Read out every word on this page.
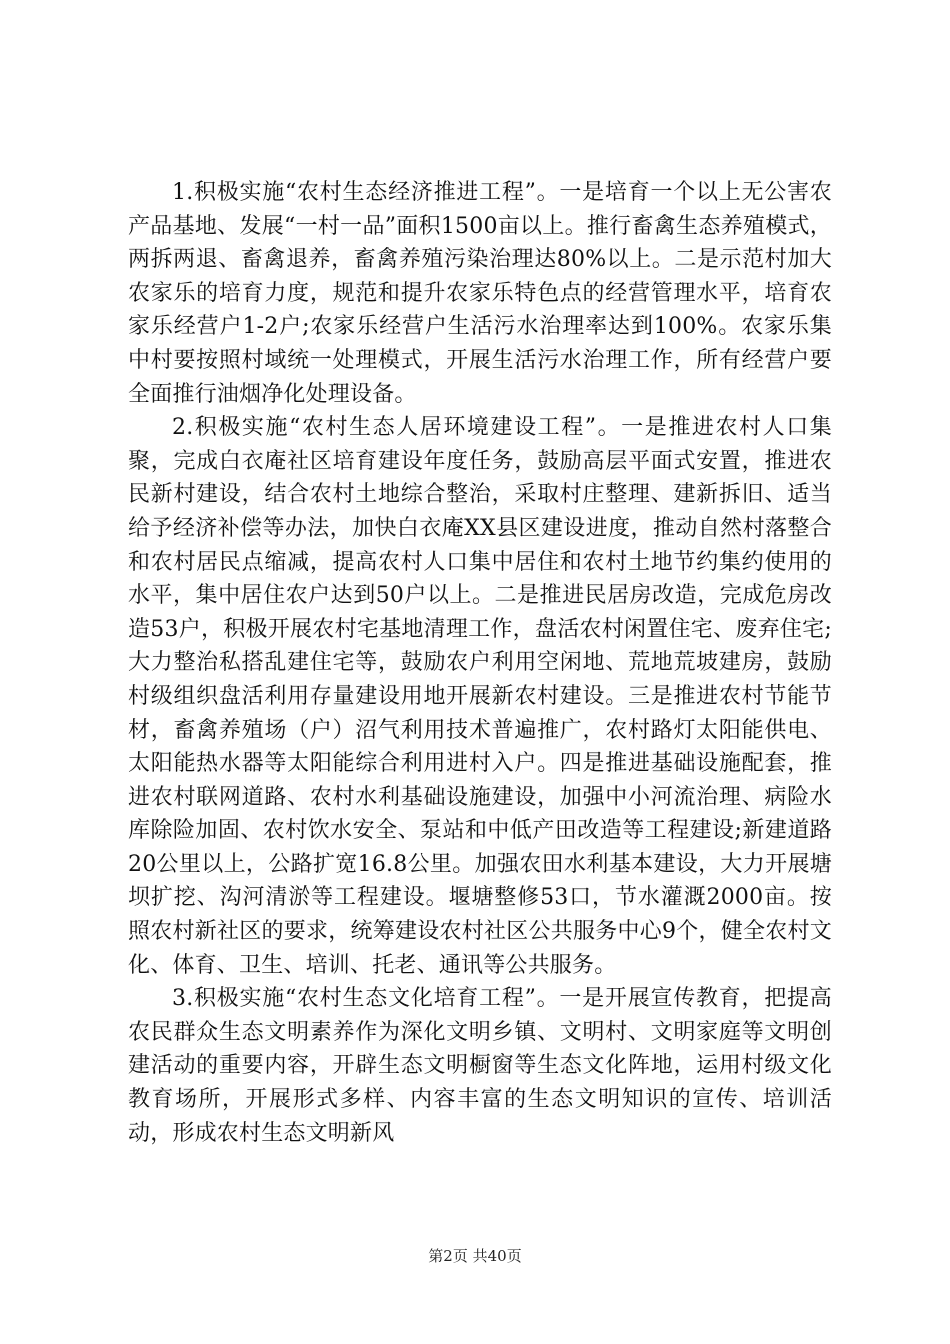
1.积极实施“农村生态经济推进工程”。一是培育一个以上无公害农产品基地、发展“一村一品”面积1500亩以上。推行畜禽生态养殖模式，两拆两退、畜禽退养，畜禽养殖污染治理达80%以上。二是示范村加大农家乐的培育力度，规范和提升农家乐特色点的经营管理水平，培育农家乐经营户1-2户;农家乐经营户生活污水治理率达到100%。农家乐集中村要按照村域统一处理模式，开展生活污水治理工作，所有经营户要全面推行油烟净化处理设备。

2.积极实施“农村生态人居环境建设工程”。一是推进农村人口集聚，完成白衣庵社区培育建设年度任务，鼓励高层平面式安置，推进农民新村建设，结合农村土地综合整治，采取村庄整理、建新拆旧、适当给予经济补偿等办法，加快白衣庵XX县区建设进度，推动自然村落整合和农村居民点缩减，提高农村人口集中居住和农村土地节约集约使用的水平，集中居住农户达到50户以上。二是推进民居房改造，完成危房改造53户，积极开展农村宅基地清理工作，盘活农村闲置住宅、废弃住宅;大力整治私搭乱建住宅等，鼓励农户利用空闲地、荒地荒坡建房，鼓励村级组织盘活利用存量建设用地开展新农村建设。三是推进农村节能节材，畜禽养殖场（户）沼气利用技术普遍推广，农村路灯太阳能供电、太阳能热水器等太阳能综合利用进村入户。四是推进基础设施配套，推进农村联网道路、农村水利基础设施建设，加强中小河流治理、病险水库除险加固、农村饮水安全、泵站和中低产田改造等工程建设;新建道路20公里以上，公路扩宽16.8公里。加强农田水利基本建设，大力开展塘坝扩挖、沟河清淤等工程建设。堰塘整修53口，节水灌溉2000亩。按照农村新社区的要求，统筹建设农村社区公共服务中心9个，健全农村文化、体育、卫生、培训、托老、通讯等公共服务。

3.积极实施“农村生态文化培育工程”。一是开展宣传教育，把提高农民群众生态文明素养作为深化文明乡镇、文明村、文明家庭等文明创建活动的重要内容，开辟生态文明橱窗等生态文化阵地，运用村级文化教育场所，开展形式多样、内容丰富的生态文明知识的宣传、培训活动，形成农村生态文明新风

第2页 共40页
